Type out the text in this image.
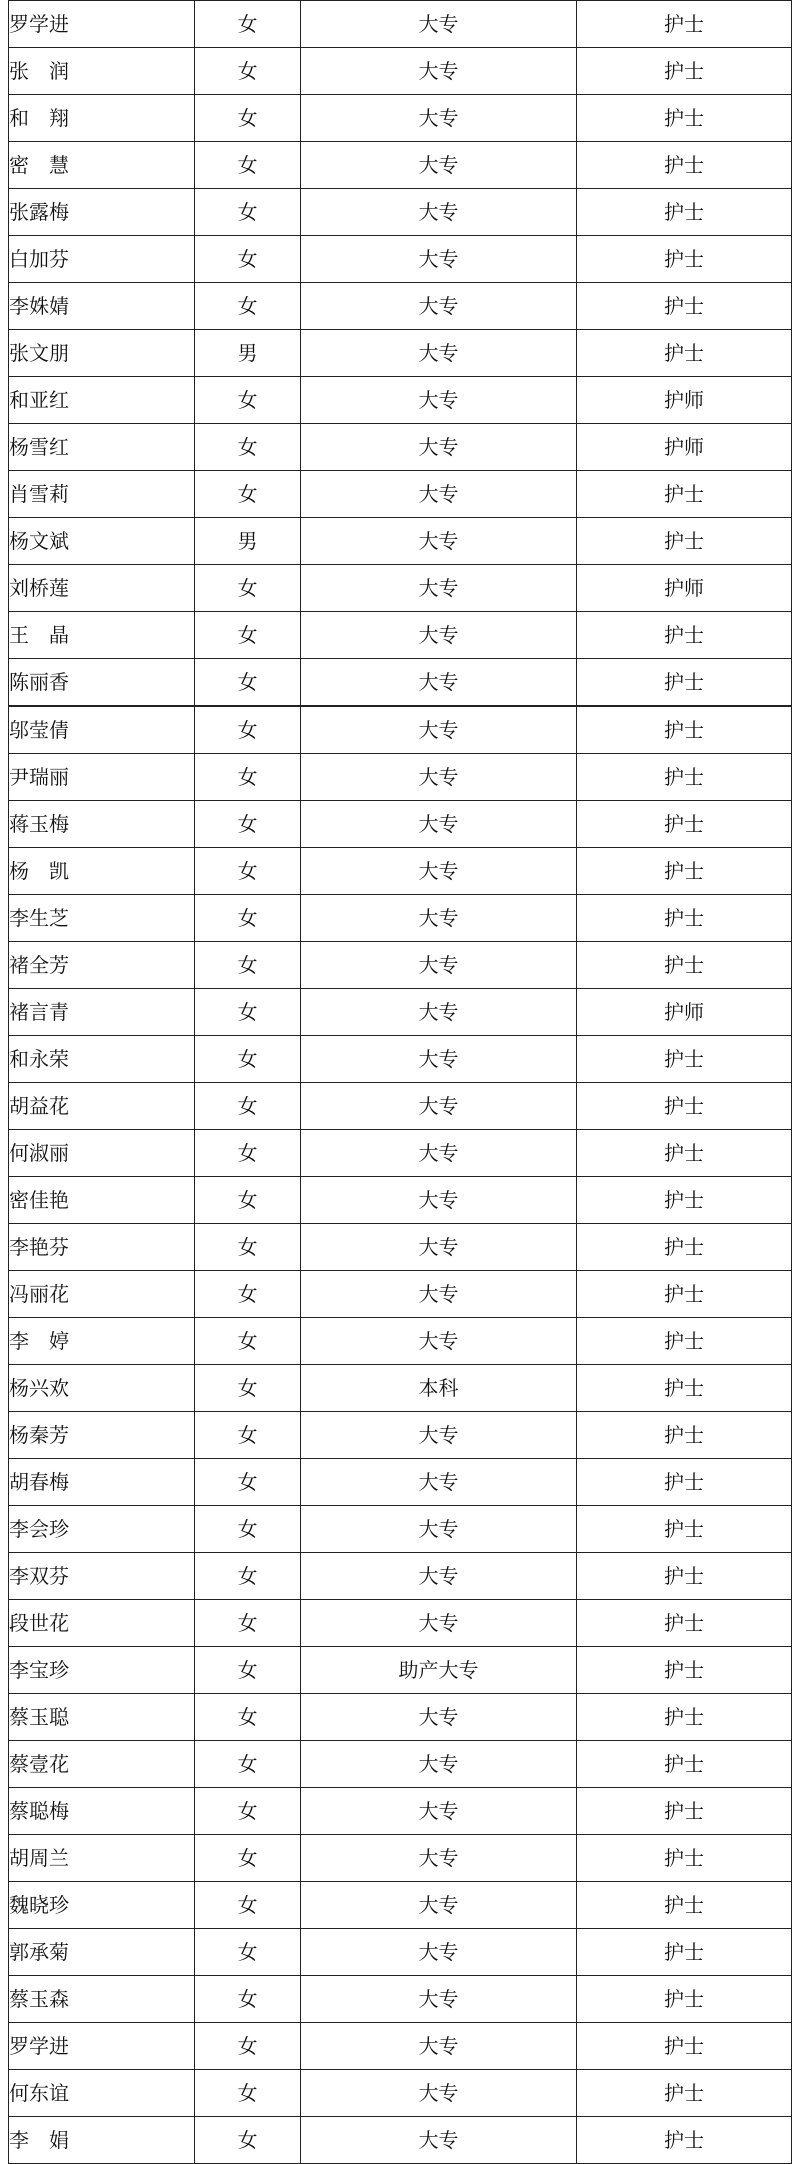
罗学进	女	大专	护士
张　润	女	大专	护士
和　翔	女	大专	护士
密　慧	女	大专	护士
张露梅	女	大专	护士
白加芬	女	大专	护士
李姝婧	女	大专	护士
张文朋	男	大专	护士
和亚红	女	大专	护师
杨雪红	女	大专	护师
肖雪莉	女	大专	护士
杨文斌	男	大专	护士
刘桥莲	女	大专	护师
王　晶	女	大专	护士
陈丽香	女	大专	护士
邬莹倩	女	大专	护士
尹瑞丽	女	大专	护士
蒋玉梅	女	大专	护士
杨　凯	女	大专	护士
李生芝	女	大专	护士
褚全芳	女	大专	护士
褚言青	女	大专	护师
和永荣	女	大专	护士
胡益花	女	大专	护士
何淑丽	女	大专	护士
密佳艳	女	大专	护士
李艳芬	女	大专	护士
冯丽花	女	大专	护士
李　婷	女	大专	护士
杨兴欢	女	本科	护士
杨秦芳	女	大专	护士
胡春梅	女	大专	护士
李会珍	女	大专	护士
李双芬	女	大专	护士
段世花	女	大专	护士
李宝珍	女	助产大专	护士
蔡玉聪	女	大专	护士
蔡壹花	女	大专	护士
蔡聪梅	女	大专	护士
胡周兰	女	大专	护士
魏晓珍	女	大专	护士
郭承菊	女	大专	护士
蔡玉森	女	大专	护士
罗学进	女	大专	护士
何东谊	女	大专	护士
李　娟	女	大专	护士
